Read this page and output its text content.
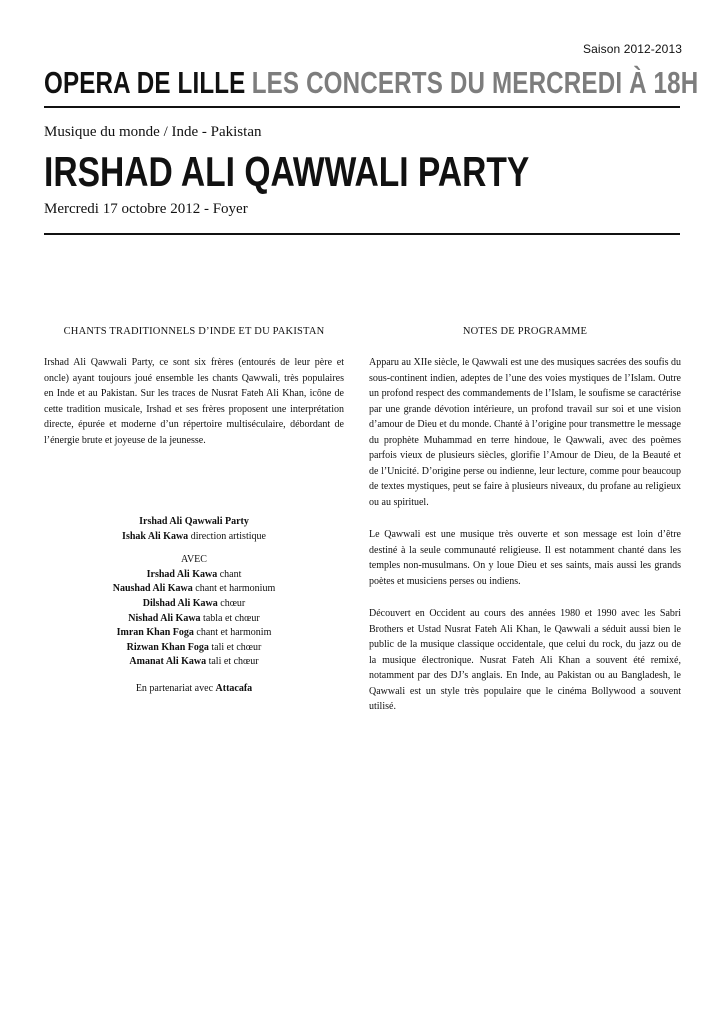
Saison 2012-2013
OPERA DE LILLE LES CONCERTS DU MERCREDI À 18H
Musique du monde / Inde - Pakistan
IRSHAD ALI QAWWALI PARTY
Mercredi 17 octobre 2012 - Foyer
CHANTS TRADITIONNELS D’INDE ET DU PAKISTAN

Irshad Ali Qawwali Party, ce sont six frères (entourés de leur père et oncle) ayant toujours joué ensemble les chants Qawwali, très populaires en Inde et au Pakistan. Sur les traces de Nusrat Fateh Ali Khan, icône de cette tradition musicale, Irshad et ses frères proposent une interprétation directe, épurée et moderne d’un répertoire multiséculaire, débordant de l’énergie brute et joyeuse de la jeunesse.

Irshad Ali Qawwali Party
Ishak Ali Kawa direction artistique
AVEC
Irshad Ali Kawa chant
Naushad Ali Kawa chant et harmonium
Dilshad Ali Kawa chœur
Nishad Ali Kawa tabla et chœur
Imran Khan Foga chant et harmonim
Rizwan Khan Foga tali et chœur
Amanat Ali Kawa tali et chœur
En partenariat avec Attacafa
NOTES DE PROGRAMME

Apparu au XIIe siècle, le Qawwali est une des musiques sacrées des soufis du sous-continent indien, adeptes de l’une des voies mystiques de l’Islam. Outre un profond respect des commandements de l’Islam, le soufisme se caractérise par une grande dévotion intérieure, un profond travail sur soi et une vision d’amour de Dieu et du monde. Chanté à l’origine pour transmettre le message du prophète Muhammad en terre hindoue, le Qawwali, avec des poèmes parfois vieux de plusieurs siècles, glorifie l’Amour de Dieu, de la Beauté et de l’Unicité. D’origine perse ou indienne, leur lecture, comme pour beaucoup de textes mystiques, peut se faire à plusieurs niveaux, du profane au religieux ou au spirituel.

Le Qawwali est une musique très ouverte et son message est loin d’être destiné à la seule communauté religieuse. Il est notamment chanté dans les temples non-musulmans. On y loue Dieu et ses saints, mais aussi les grands poètes et musiciens perses ou indiens.

Découvert en Occident au cours des années 1980 et 1990 avec les Sabri Brothers et Ustad Nusrat Fateh Ali Khan, le Qawwali a séduit aussi bien le public de la musique classique occidentale, que celui du rock, du jazz ou de la musique électronique. Nusrat Fateh Ali Khan a souvent été remixé, notamment par des DJ’s anglais. En Inde, au Pakistan ou au Bangladesh, le Qawwali est un style très populaire que le cinéma Bollywood a souvent utilisé.
